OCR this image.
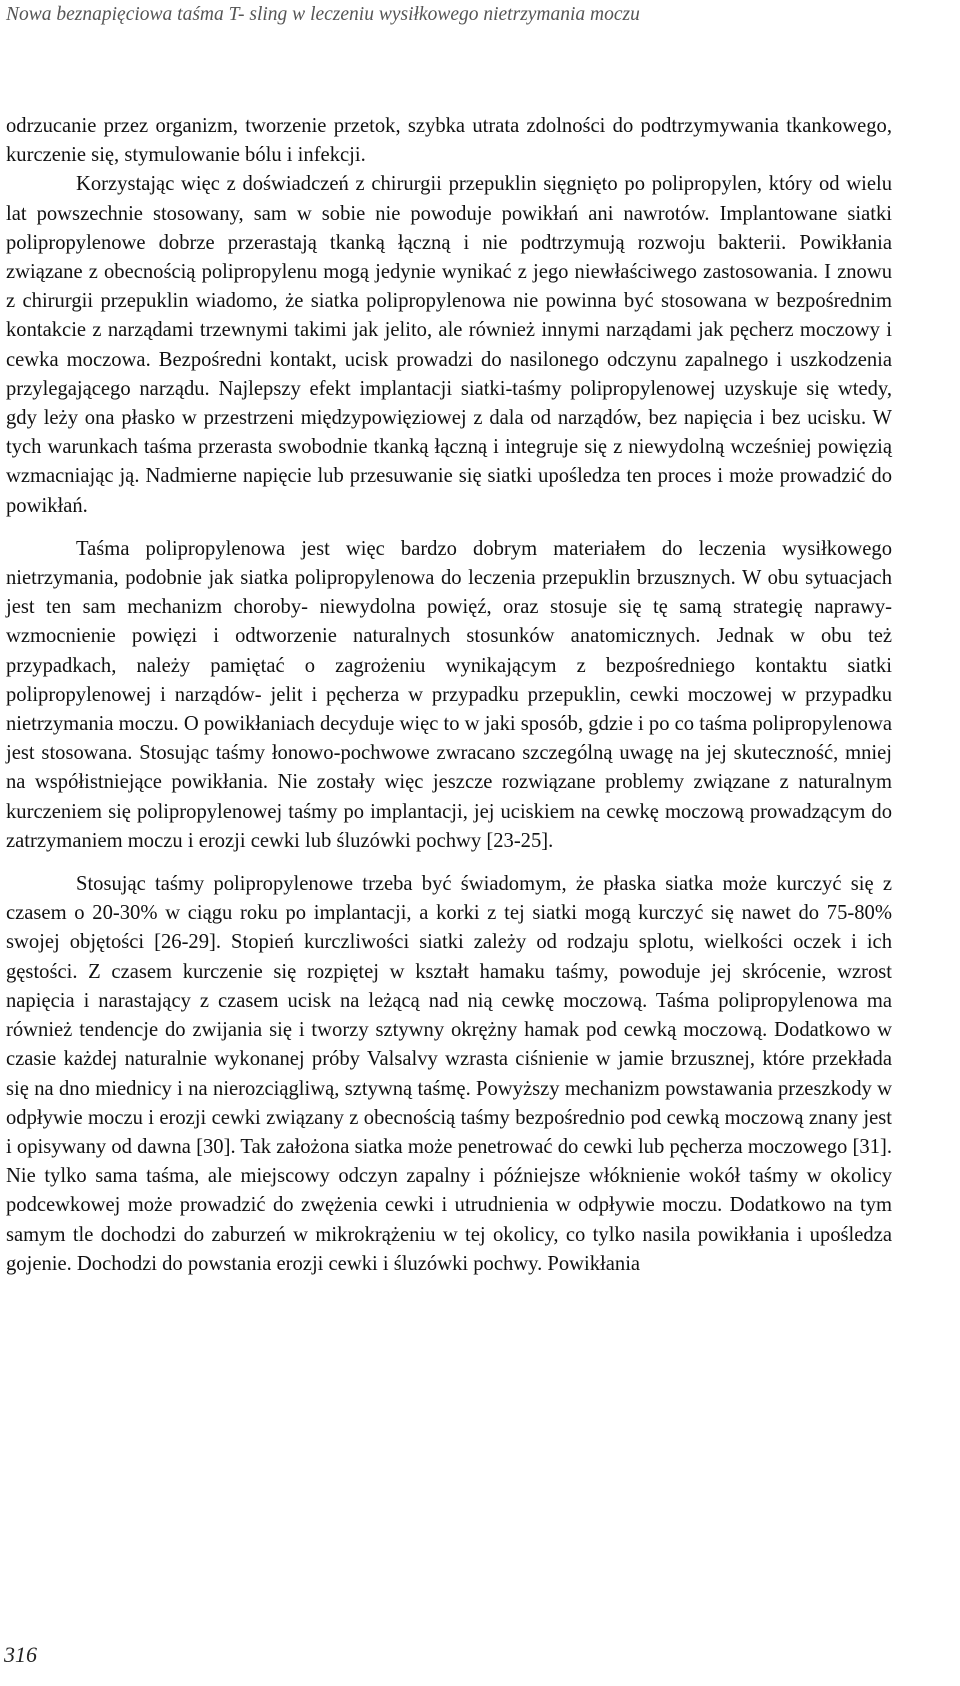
Nowa beznapięciowa taśma T- sling w leczeniu wysiłkowego nietrzymania moczu

odrzucanie przez organizm, tworzenie przetok, szybka utrata zdolności do podtrzymywania tkankowego, kurczenie się, stymulowanie bólu i infekcji.

Korzystając więc z doświadczeń z chirurgii przepuklin sięgnięto po polipropylen, który od wielu lat powszechnie stosowany, sam w sobie nie powoduje powikłań ani nawrotów. Implantowane siatki polipropylenowe dobrze przerastają tkanką łączną i nie podtrzymują rozwoju bakterii. Powikłania związane z obecnością polipropylenu mogą jedynie wynikać z jego niewłaściwego zastosowania. I znowu z chirurgii przepuklin wiadomo, że siatka polipropylenowa nie powinna być stosowana w bezpośrednim kontakcie z narządami trzewnymi takimi jak jelito, ale również innymi narządami jak pęcherz moczowy i cewka moczowa. Bezpośredni kontakt, ucisk prowadzi do nasilonego odczynu zapalnego i uszkodzenia przylegającego narządu. Najlepszy efekt implantacji siatki-taśmy polipropylenowej uzyskuje się wtedy, gdy leży ona płasko w przestrzeni międzypowięziowej z dala od narządów, bez napięcia i bez ucisku. W tych warunkach taśma przerasta swobodnie tkanką łączną i integruje się z niewydolną wcześniej powięzią wzmacniając ją. Nadmierne napięcie lub przesuwanie się siatki upośledza ten proces i może prowadzić do powikłań.

Taśma polipropylenowa jest więc bardzo dobrym materiałem do leczenia wysiłkowego nietrzymania, podobnie jak siatka polipropylenowa do leczenia przepuklin brzusznych. W obu sytuacjach jest ten sam mechanizm choroby- niewydolna powięź, oraz stosuje się tę samą strategię naprawy- wzmocnienie powięzi i odtworzenie naturalnych stosunków anatomicznych. Jednak w obu też przypadkach, należy pamiętać o zagrożeniu wynikającym z bezpośredniego kontaktu siatki polipropylenowej i narządów- jelit i pęcherza w przypadku przepuklin, cewki moczowej w przypadku nietrzymania moczu. O powikłaniach decyduje więc to w jaki sposób, gdzie i po co taśma polipropylenowa jest stosowana. Stosując taśmy łonowo-pochwowe zwracano szczególną uwagę na jej skuteczność, mniej na współistniejące powikłania. Nie zostały więc jeszcze rozwiązane problemy związane z naturalnym kurczeniem się polipropylenowej taśmy po implantacji, jej uciskiem na cewkę moczową prowadzącym do zatrzymaniem moczu i erozji cewki lub śluzówki pochwy [23-25].

Stosując taśmy polipropylenowe trzeba być świadomym, że płaska siatka może kurczyć się z czasem o 20-30% w ciągu roku po implantacji, a korki z tej siatki mogą kurczyć się nawet do 75-80% swojej objętości [26-29]. Stopień kurczliwości siatki zależy od rodzaju splotu, wielkości oczek i ich gęstości. Z czasem kurczenie się rozpiętej w kształt hamaku taśmy, powoduje jej skrócenie, wzrost napięcia i narastający z czasem ucisk na leżącą nad nią cewkę moczową. Taśma polipropylenowa ma również tendencje do zwijania się i tworzy sztywny okrężny hamak pod cewką moczową. Dodatkowo w czasie każdej naturalnie wykonanej próby Valsalvy wzrasta ciśnienie w jamie brzusznej, które przekłada się na dno miednicy i na nierozciągliwą, sztywną taśmę. Powyższy mechanizm powstawania przeszkody w odpływie moczu i erozji cewki związany z obecnością taśmy bezpośrednio pod cewką moczową znany jest i opisywany od dawna [30]. Tak założona siatka może penetrować do cewki lub pęcherza moczowego [31]. Nie tylko sama taśma, ale miejscowy odczyn zapalny i późniejsze włóknienie wokół taśmy w okolicy podcewkowej może prowadzić do zwężenia cewki i utrudnienia w odpływie moczu. Dodatkowo na tym samym tle dochodzi do zaburzeń w mikrokrążeniu w tej okolicy, co tylko nasila powikłania i upośledza gojenie. Dochodzi do powstania erozji cewki i śluzówki pochwy. Powikłania

316
